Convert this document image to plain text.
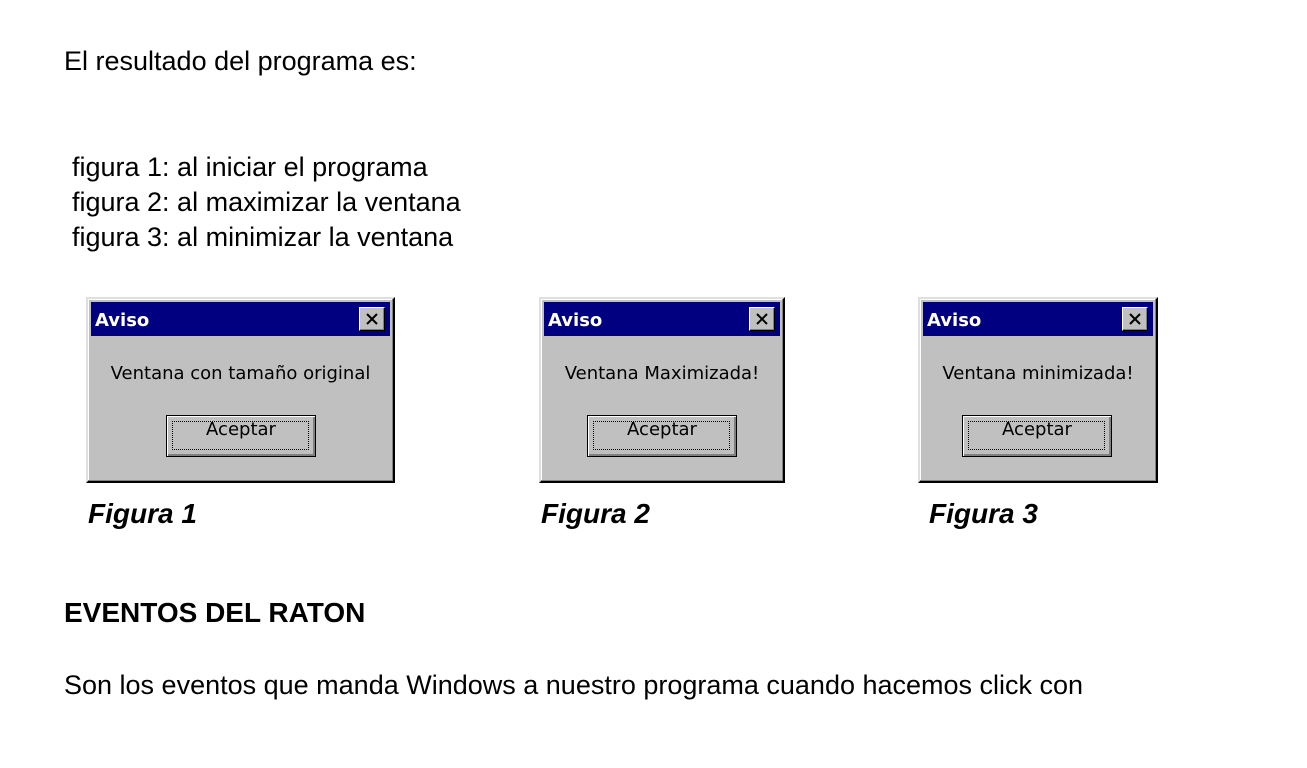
El resultado del programa es:
figura 1: al iniciar el programa
figura 2: al maximizar la ventana
figura 3: al minimizar la ventana
Aviso
Ventana con tamaño original
Aceptar
Aviso
Ventana Maximizada!
Aceptar
Aviso
Ventana minimizada!
Aceptar
Figura 1	Figura 2	Figura 3
EVENTOS DEL RATON
Son los eventos que manda Windows a nuestro programa cuando hacemos click con
